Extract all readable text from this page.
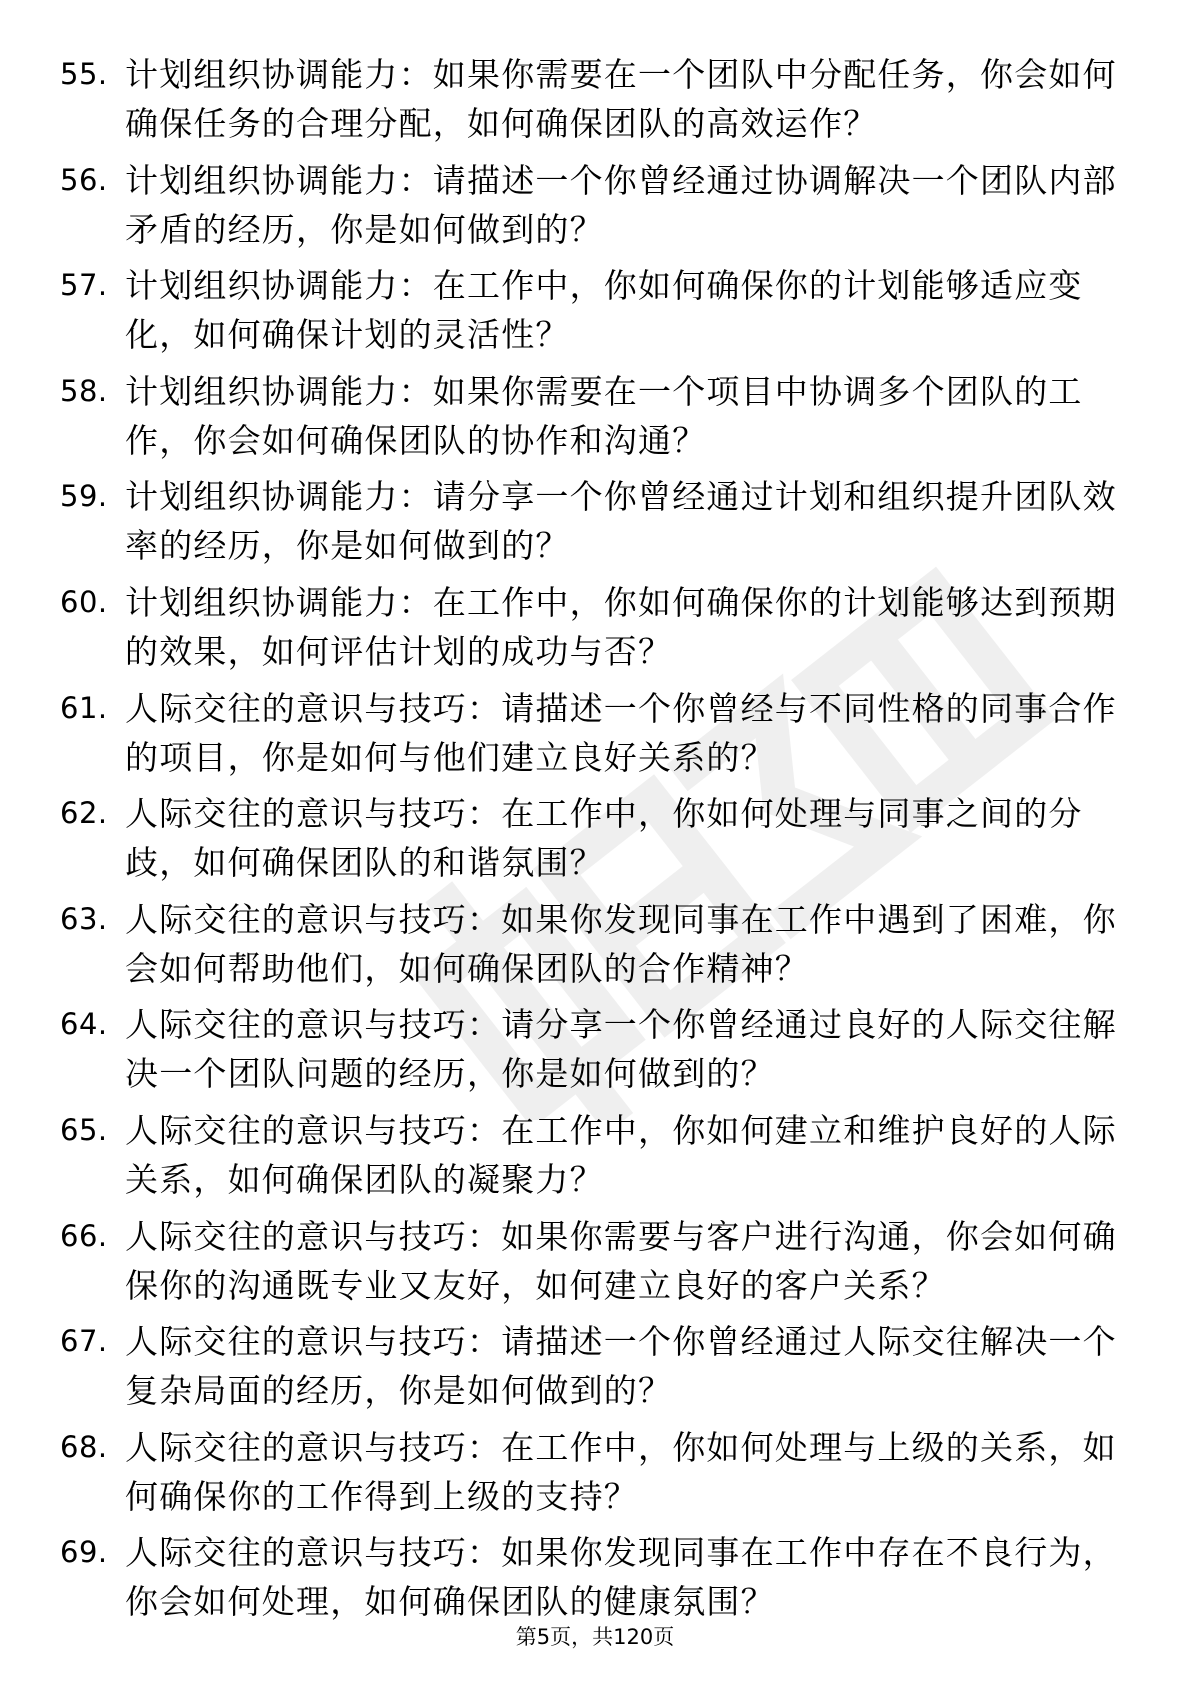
55. 计划组织协调能力：如果你需要在一个团队中分配任务，你会如何确保任务的合理分配，如何确保团队的高效运作？
56. 计划组织协调能力：请描述一个你曾经通过协调解决一个团队内部矛盾的经历，你是如何做到的？
57. 计划组织协调能力：在工作中，你如何确保你的计划能够适应变化，如何确保计划的灵活性？
58. 计划组织协调能力：如果你需要在一个项目中协调多个团队的工作，你会如何确保团队的协作和沟通？
59. 计划组织协调能力：请分享一个你曾经通过计划和组织提升团队效率的经历，你是如何做到的？
60. 计划组织协调能力：在工作中，你如何确保你的计划能够达到预期的效果，如何评估计划的成功与否？
61. 人际交往的意识与技巧：请描述一个你曾经与不同性格的同事合作的项目，你是如何与他们建立良好关系的？
62. 人际交往的意识与技巧：在工作中，你如何处理与同事之间的分歧，如何确保团队的和谐氛围？
63. 人际交往的意识与技巧：如果你发现同事在工作中遇到了困难，你会如何帮助他们，如何确保团队的合作精神？
64. 人际交往的意识与技巧：请分享一个你曾经通过良好的人际交往解决一个团队问题的经历，你是如何做到的？
65. 人际交往的意识与技巧：在工作中，你如何建立和维护良好的人际关系，如何确保团队的凝聚力？
66. 人际交往的意识与技巧：如果你需要与客户进行沟通，你会如何确保你的沟通既专业又友好，如何建立良好的客户关系？
67. 人际交往的意识与技巧：请描述一个你曾经通过人际交往解决一个复杂局面的经历，你是如何做到的？
68. 人际交往的意识与技巧：在工作中，你如何处理与上级的关系，如何确保你的工作得到上级的支持？
69. 人际交往的意识与技巧：如果你发现同事在工作中存在不良行为，你会如何处理，如何确保团队的健康氛围？
第5页，共120页
